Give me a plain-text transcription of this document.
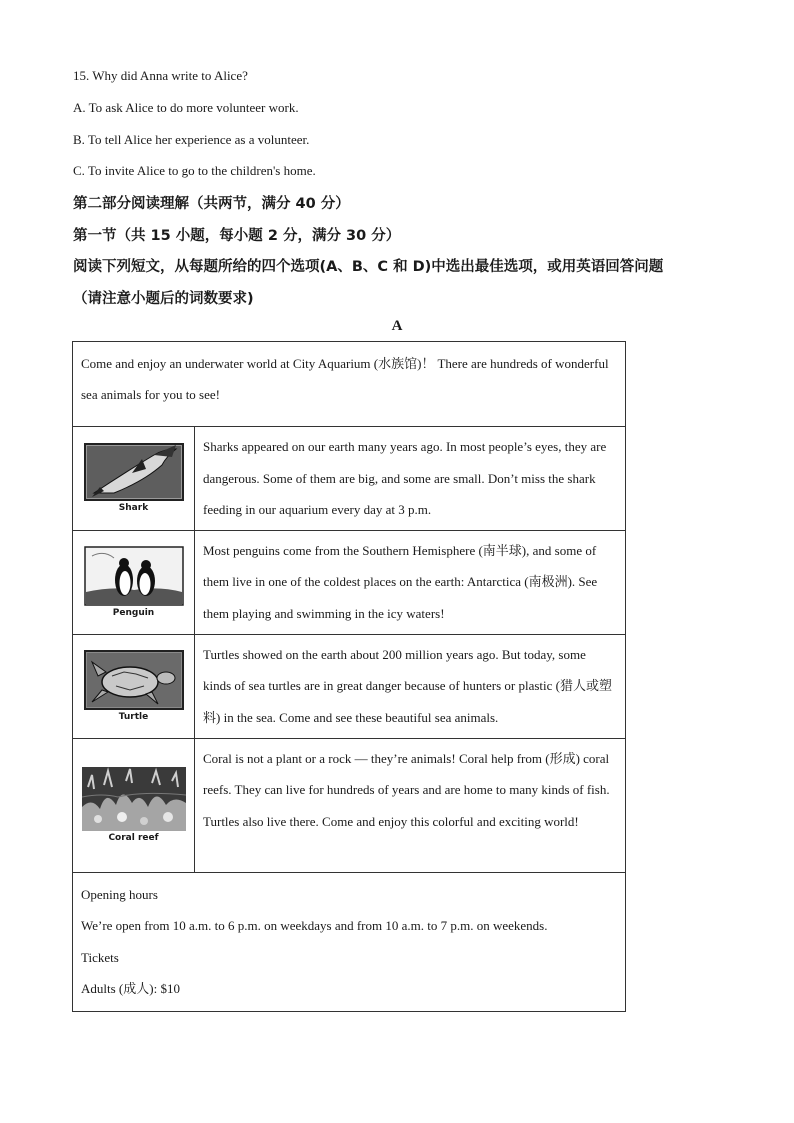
15. Why did Anna write to Alice?
A. To ask Alice to do more volunteer work.
B. To tell Alice her experience as a volunteer.
C. To invite Alice to go to the children's home.
第二部分阅读理解（共两节，满分 40 分）
第一节（共 15 小题，每小题 2 分，满分 30 分）
阅读下列短文，从每题所给的四个选项(A、B、C 和 D)中选出最佳选项，或用英语回答问题
（请注意小题后的词数要求)
A
Come and enjoy an underwater world at City Aquarium (水族馆)！ There are hundreds of wonderful sea animals for you to see!	

Shark	Sharks appeared on our earth many years ago. In most people’s eyes, they are dangerous. Some of them are big, and some are small. Don’t miss the shark feeding in our aquarium every day at 3 p.m.

Penguin	Most penguins come from the Southern Hemisphere (南半球), and some of them live in one of the coldest places on the earth: Antarctica (南极洲). See them playing and swimming in the icy waters!

Turtle	Turtles showed on the earth about 200 million years ago. But today, some kinds of sea turtles are in great danger because of hunters or plastic (猎人或塑料) in the sea. Come and see these beautiful sea animals.

Coral reef	Coral is not a plant or a rock — they’re animals! Coral help from (形成) coral reefs. They can live for hundreds of years and are home to many kinds of fish. Turtles also live there. Come and enjoy this colorful and exciting world!

Opening hours
We’re open from 10 a.m. to 6 p.m. on weekdays and from 10 a.m. to 7 p.m. on weekends.
Tickets
Adults (成人): $10	
